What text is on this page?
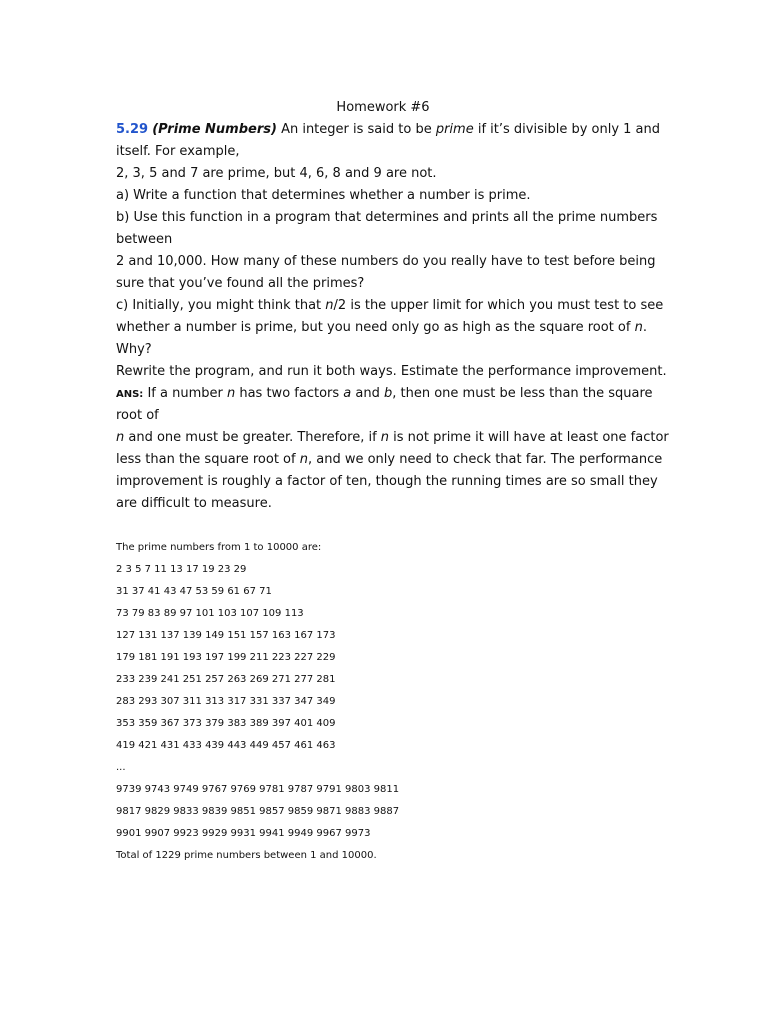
Homework #6
5.29 (Prime Numbers) An integer is said to be prime if it’s divisible by only 1 and
itself. For example,
2, 3, 5 and 7 are prime, but 4, 6, 8 and 9 are not.
a) Write a function that determines whether a number is prime.
b) Use this function in a program that determines and prints all the prime numbers
between
2 and 10,000. How many of these numbers do you really have to test before being
sure that you’ve found all the primes?
c) Initially, you might think that n/2 is the upper limit for which you must test to see
whether a number is prime, but you need only go as high as the square root of n.
Why?
Rewrite the program, and run it both ways. Estimate the performance improvement.
ANS: If a number n has two factors a and b, then one must be less than the square
root of
n and one must be greater. Therefore, if n is not prime it will have at least one factor
less than the square root of n, and we only need to check that far. The performance
improvement is roughly a factor of ten, though the running times are so small they
are difficult to measure.
The prime numbers from 1 to 10000 are:
2 3 5 7 11 13 17 19 23 29
31 37 41 43 47 53 59 61 67 71
73 79 83 89 97 101 103 107 109 113
127 131 137 139 149 151 157 163 167 173
179 181 191 193 197 199 211 223 227 229
233 239 241 251 257 263 269 271 277 281
283 293 307 311 313 317 331 337 347 349
353 359 367 373 379 383 389 397 401 409
419 421 431 433 439 443 449 457 461 463
...
9739 9743 9749 9767 9769 9781 9787 9791 9803 9811
9817 9829 9833 9839 9851 9857 9859 9871 9883 9887
9901 9907 9923 9929 9931 9941 9949 9967 9973
Total of 1229 prime numbers between 1 and 10000.
